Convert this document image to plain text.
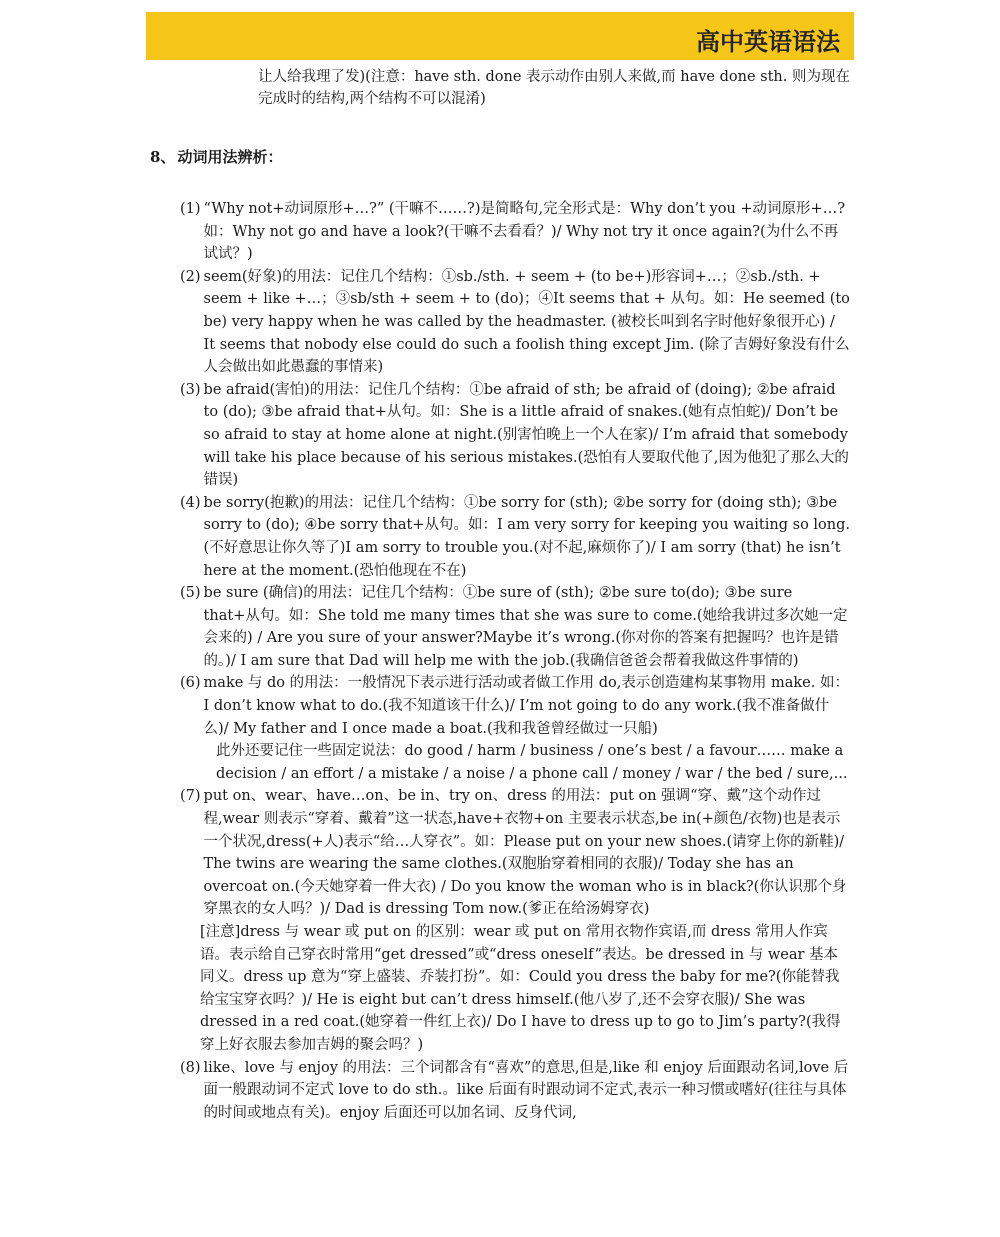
高中英语语法
让人给我理了发)(注意：have sth. done 表示动作由别人来做,而 have done sth. 则为现在完成时的结构,两个结构不可以混淆)
8、 动词用法辨析：
(1) “Why not+动词原形+…?” (干嘛不……?)是简略句,完全形式是：Why don’t you +动词原形+…?如：Why not go and have a look?(干嘛不去看看？)/ Why not try it once again?(为什么不再试试？)
(2) seem(好象)的用法：记住几个结构：①sb./sth. + seem + (to be+)形容词+…；②sb./sth. + seem + like +…；③sb/sth + seem + to (do)；④It seems that + 从句。如：He seemed (to be) very happy when he was called by the headmaster. (被校长叫到名字时他好象很开心) / It seems that nobody else could do such a foolish thing except Jim. (除了吉姆好象没有什么人会做出如此愚蠢的事情来)
(3) be afraid(害怕)的用法：记住几个结构：①be afraid of sth; be afraid of (doing); ②be afraid to (do); ③be afraid that+从句。如：She is a little afraid of snakes.(她有点怕蛇)/ Don’t be so afraid to stay at home alone at night.(别害怕晚上一个人在家)/ I’m afraid that somebody will take his place because of his serious mistakes.(恐怕有人要取代他了,因为他犯了那么大的错误)
(4) be sorry(抱歉)的用法：记住几个结构：①be sorry for (sth); ②be sorry for (doing sth); ③be sorry to (do); ④be sorry that+从句。如：I am very sorry for keeping you waiting so long.(不好意思让你久等了)I am sorry to trouble you.(对不起,麻烦你了)/ I am sorry (that) he isn’t here at the moment.(恐怕他现在不在)
(5) be sure (确信)的用法：记住几个结构：①be sure of (sth); ②be sure to(do); ③be sure that+从句。如：She told me many times that she was sure to come.(她给我讲过多次她一定会来的) / Are you sure of your answer?Maybe it’s wrong.(你对你的答案有把握吗？也许是错的。)/ I am sure that Dad will help me with the job.(我确信爸爸会帮着我做这件事情的)
(6) make 与 do 的用法：一般情况下表示进行活动或者做工作用 do,表示创造建构某事物用 make. 如：I don’t know what to do.(我不知道该干什么)/ I’m not going to do any work.(我不准备做什么)/ My father and I once made a boat.(我和我爸曾经做过一只船)
此外还要记住一些固定说法：do good / harm / business / one’s best / a favour…… make a decision / an effort / a mistake / a noise / a phone call / money / war / the bed / sure,...
(7) put on、wear、have…on、be in、try on、dress 的用法：put on 强调“穿、戴”这个动作过程,wear 则表示“穿着、戴着”这一状态,have+衣物+on 主要表示状态,be in(+颜色/衣物)也是表示一个状况,dress(+人)表示“给…人穿衣”。如：Please put on your new shoes.(请穿上你的新鞋)/ The twins are wearing the same clothes.(双胞胎穿着相同的衣服)/ Today she has an overcoat on.(今天她穿着一件大衣) / Do you know the woman who is in black?(你认识那个身穿黑衣的女人吗？)/ Dad is dressing Tom now.(爹正在给汤姆穿衣)
[注意]dress 与 wear 或 put on 的区别：wear 或 put on 常用衣物作宾语,而 dress 常用人作宾语。表示给自己穿衣时常用“get dressed”或“dress oneself”表达。be dressed in 与 wear 基本同义。dress up 意为“穿上盛装、乔装打扮”。如：Could you dress the baby for me?(你能替我给宝宝穿衣吗？)/ He is eight but can’t dress himself.(他八岁了,还不会穿衣服)/ She was dressed in a red coat.(她穿着一件红上衣)/ Do I have to dress up to go to Jim’s party?(我得穿上好衣服去参加吉姆的聚会吗？)
(8) like、love 与 enjoy 的用法：三个词都含有“喜欢”的意思,但是,like 和 enjoy 后面跟动名词,love 后面一般跟动词不定式 love to do sth.。like 后面有时跟动词不定式,表示一种习惯或嗜好(往往与具体的时间或地点有关)。enjoy 后面还可以加名词、反身代词,
